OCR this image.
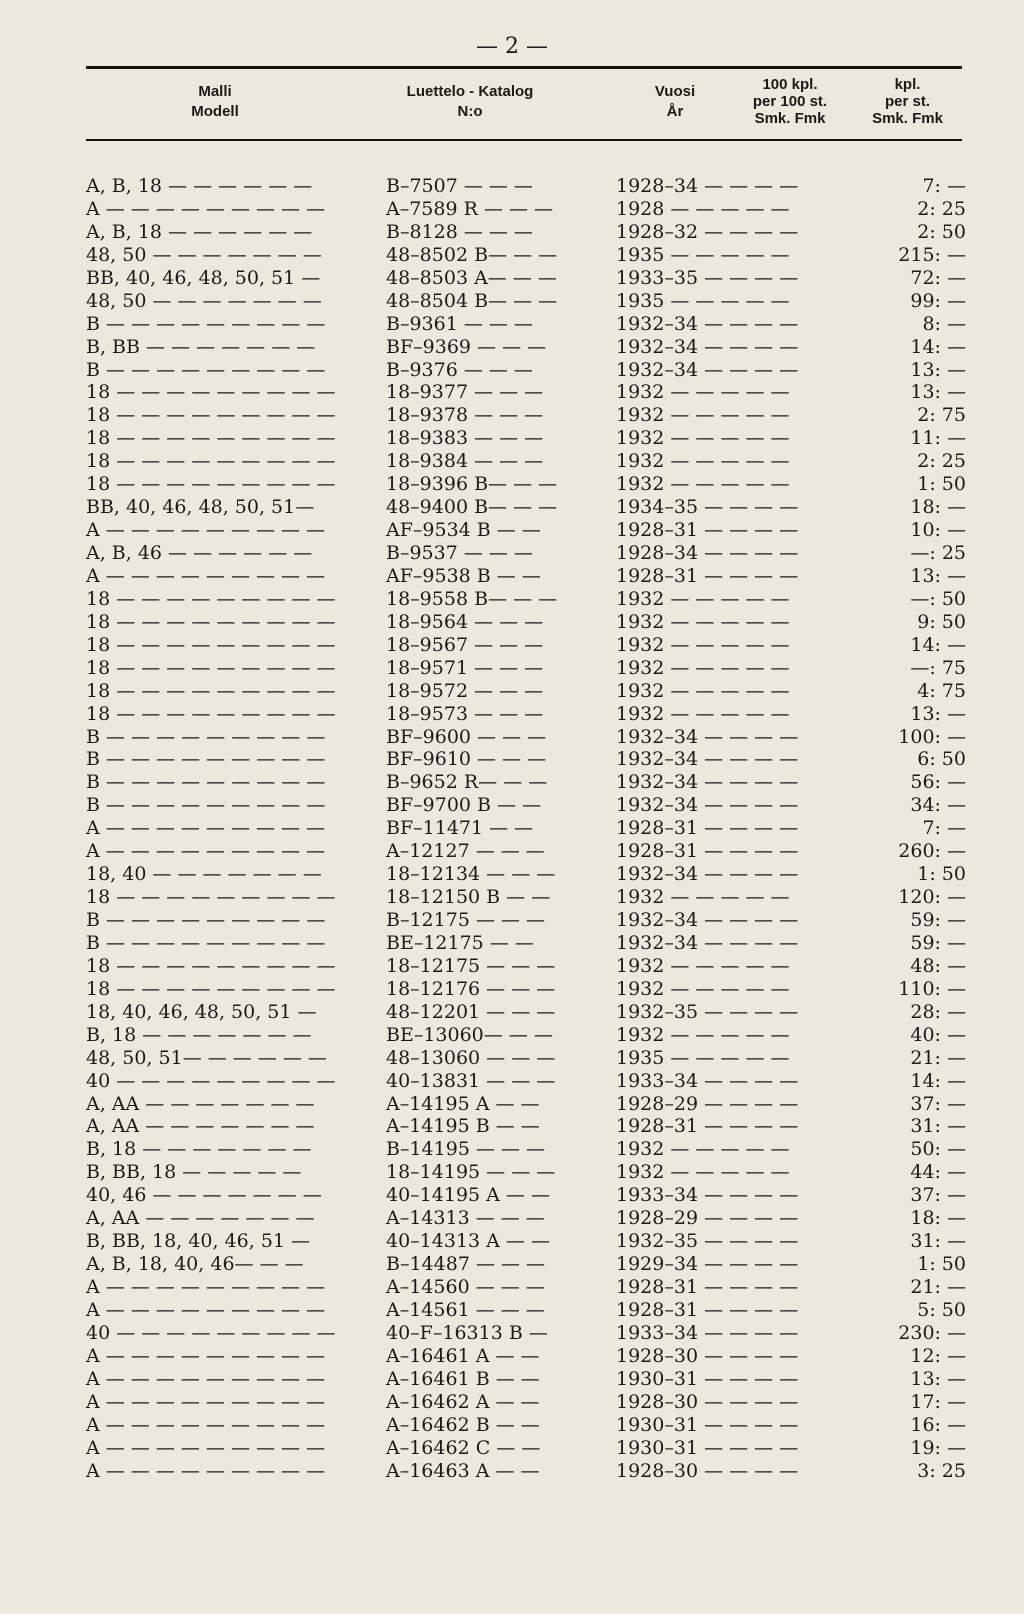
— 2 —
Malli
Modell
Luettelo - Katalog
N:o
Vuosi
År
100 kpl.
per 100 st.
Smk. Fmk
kpl.
per st.
Smk. Fmk
A, B, 18 — — — — — —	B–7507 — — —	1928–34 — — — —	7: —
A — — — — — — — — —	A–7589 R — — —	1928 — — — — —	2: 25
A, B, 18 — — — — — —	B–8128 — — —	1928–32 — — — —	2: 50
48, 50 — — — — — — —	48–8502 B— — —	1935 — — — — —	215: —
BB, 40, 46, 48, 50, 51 —	48–8503 A— — —	1933–35 — — — —	72: —
48, 50 — — — — — — —	48–8504 B— — —	1935 — — — — —	99: —
B — — — — — — — — —	B–9361 — — —	1932–34 — — — —	8: —
B, BB — — — — — — —	BF–9369 — — —	1932–34 — — — —	14: —
B — — — — — — — — —	B–9376 — — —	1932–34 — — — —	13: —
18 — — — — — — — — —	18–9377 — — —	1932 — — — — —	13: —
18 — — — — — — — — —	18–9378 — — —	1932 — — — — —	2: 75
18 — — — — — — — — —	18–9383 — — —	1932 — — — — —	11: —
18 — — — — — — — — —	18–9384 — — —	1932 — — — — —	2: 25
18 — — — — — — — — —	18–9396 B— — —	1932 — — — — —	1: 50
BB, 40, 46, 48, 50, 51—	48–9400 B— — —	1934–35 — — — —	18: —
A — — — — — — — — —	AF–9534 B — —	1928–31 — — — —	10: —
A, B, 46 — — — — — —	B–9537 — — —	1928–34 — — — —	—: 25
A — — — — — — — — —	AF–9538 B — —	1928–31 — — — —	13: —
18 — — — — — — — — —	18–9558 B— — —	1932 — — — — —	—: 50
18 — — — — — — — — —	18–9564 — — —	1932 — — — — —	9: 50
18 — — — — — — — — —	18–9567 — — —	1932 — — — — —	14: —
18 — — — — — — — — —	18–9571 — — —	1932 — — — — —	—: 75
18 — — — — — — — — —	18–9572 — — —	1932 — — — — —	4: 75
18 — — — — — — — — —	18–9573 — — —	1932 — — — — —	13: —
B — — — — — — — — —	BF–9600 — — —	1932–34 — — — —	100: —
B — — — — — — — — —	BF–9610 — — —	1932–34 — — — —	6: 50
B — — — — — — — — —	B–9652 R— — —	1932–34 — — — —	56: —
B — — — — — — — — —	BF–9700 B — —	1932–34 — — — —	34: —
A — — — — — — — — —	BF–11471 — —	1928–31 — — — —	7: —
A — — — — — — — — —	A–12127 — — —	1928–31 — — — —	260: —
18, 40 — — — — — — —	18–12134 — — —	1932–34 — — — —	1: 50
18 — — — — — — — — —	18–12150 B — —	1932 — — — — —	120: —
B — — — — — — — — —	B–12175 — — —	1932–34 — — — —	59: —
B — — — — — — — — —	BE–12175 — —	1932–34 — — — —	59: —
18 — — — — — — — — —	18–12175 — — —	1932 — — — — —	48: —
18 — — — — — — — — —	18–12176 — — —	1932 — — — — —	110: —
18, 40, 46, 48, 50, 51 —	48–12201 — — —	1932–35 — — — —	28: —
B, 18 — — — — — — —	BE–13060— — —	1932 — — — — —	40: —
48, 50, 51— — — — — —	48–13060 — — —	1935 — — — — —	21: —
40 — — — — — — — — —	40–13831 — — —	1933–34 — — — —	14: —
A, AA — — — — — — —	A–14195 A — —	1928–29 — — — —	37: —
A, AA — — — — — — —	A–14195 B — —	1928–31 — — — —	31: —
B, 18 — — — — — — —	B–14195 — — —	1932 — — — — —	50: —
B, BB, 18 — — — — —	18–14195 — — —	1932 — — — — —	44: —
40, 46 — — — — — — —	40–14195 A — —	1933–34 — — — —	37: —
A, AA — — — — — — —	A–14313 — — —	1928–29 — — — —	18: —
B, BB, 18, 40, 46, 51 —	40–14313 A — —	1932–35 — — — —	31: —
A, B, 18, 40, 46— — —	B–14487 — — —	1929–34 — — — —	1: 50
A — — — — — — — — —	A–14560 — — —	1928–31 — — — —	21: —
A — — — — — — — — —	A–14561 — — —	1928–31 — — — —	5: 50
40 — — — — — — — — —	40–F–16313 B —	1933–34 — — — —	230: —
A — — — — — — — — —	A–16461 A — —	1928–30 — — — —	12: —
A — — — — — — — — —	A–16461 B — —	1930–31 — — — —	13: —
A — — — — — — — — —	A–16462 A — —	1928–30 — — — —	17: —
A — — — — — — — — —	A–16462 B — —	1930–31 — — — —	16: —
A — — — — — — — — —	A–16462 C — —	1930–31 — — — —	19: —
A — — — — — — — — —	A–16463 A — —	1928–30 — — — —	3: 25
